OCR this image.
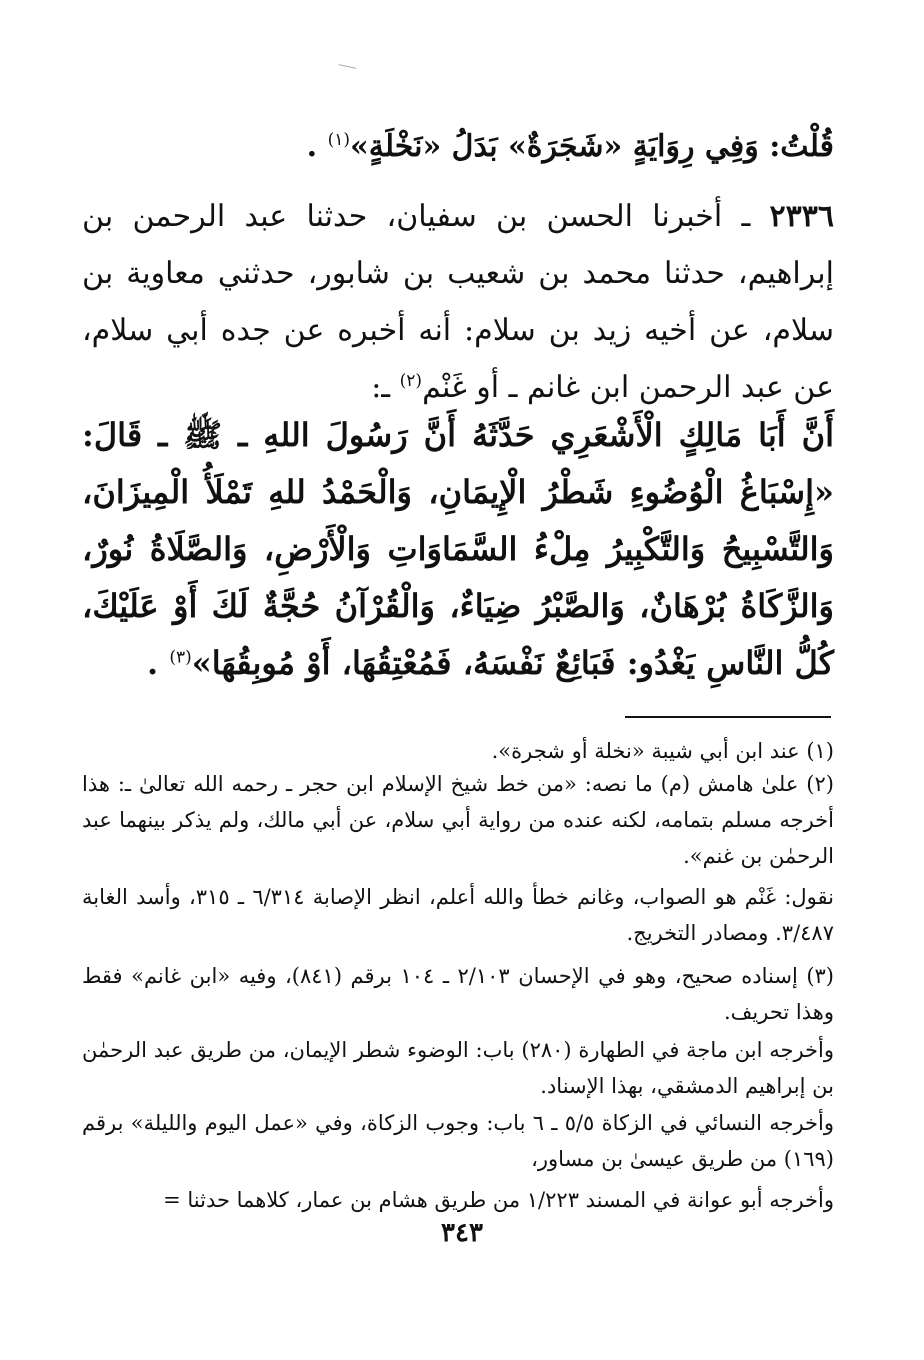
قُلْتُ: وَفِي رِوَايَةٍ «شَجَرَةٌ» بَدَلُ «نَخْلَةٍ»$^{(١)}$ .

٢٣٣٦ ـ أخبرنا الحسن بن سفيان، حدثنا عبد الرحمن بن إبراهيم، حدثنا محمد بن شعيب بن شابور، حدثني معاوية بن سلام، عن أخيه زيد بن سلام: أنه أخبره عن جده أبي سلام، عن عبد الرحمن ابن غانم ـ أو غَنْم$^{(٢)}$ ـ:

أَنَّ أَبَا مَالِكٍ الْأَشْعَرِي حَدَّثَهُ أَنَّ رَسُولَ اللهِ ـ ﷺ ـ قَالَ: «إِسْبَاغُ الْوُضُوءِ شَطْرُ الْإِيمَانِ، وَالْحَمْدُ للهِ تَمْلَأُ الْمِيزَانَ، وَالتَّسْبِيحُ وَالتَّكْبِيرُ مِلْءُ السَّمَاوَاتِ وَالْأَرْضِ، وَالصَّلَاةُ نُورٌ، وَالزَّكَاةُ بُرْهَانٌ، وَالصَّبْرُ ضِيَاءٌ، وَالْقُرْآنُ حُجَّةٌ لَكَ أَوْ عَلَيْكَ، كُلُّ النَّاسِ يَغْدُو: فَبَائِعٌ نَفْسَهُ، فَمُعْتِقُهَا، أَوْ مُوبِقُهَا»$^{(٣)}$ .

(١) عند ابن أبي شيبة «نخلة أو شجرة».

(٢) علىٰ هامش (م) ما نصه: «من خط شيخ الإسلام ابن حجر ـ رحمه الله تعالىٰ ـ: هذا أخرجه مسلم بتمامه، لكنه عنده من رواية أبي سلام، عن أبي مالك، ولم يذكر بينهما عبد الرحمٰن بن غنم».

نقول: غَنْم هو الصواب، وغانم خطأ والله أعلم، انظر الإصابة ٦/٣١٤ ـ ٣١٥، وأسد الغابة ٣/٤٨٧. ومصادر التخريج.

(٣) إسناده صحيح، وهو في الإحسان ٢/١٠٣ ـ ١٠٤ برقم (٨٤١)، وفيه «ابن غانم» فقط وهذا تحريف.

وأخرجه ابن ماجة في الطهارة (٢٨٠) باب: الوضوء شطر الإيمان، من طريق عبد الرحمٰن بن إبراهيم الدمشقي، بهذا الإسناد.

وأخرجه النسائي في الزكاة ٥/٥ ـ ٦ باب: وجوب الزكاة، وفي «عمل اليوم والليلة» برقم (١٦٩) من طريق عيسىٰ بن مساور،

وأخرجه أبو عوانة في المسند ١/٢٢٣ من طريق هشام بن عمار، كلاهما حدثنا =

٣٤٣
